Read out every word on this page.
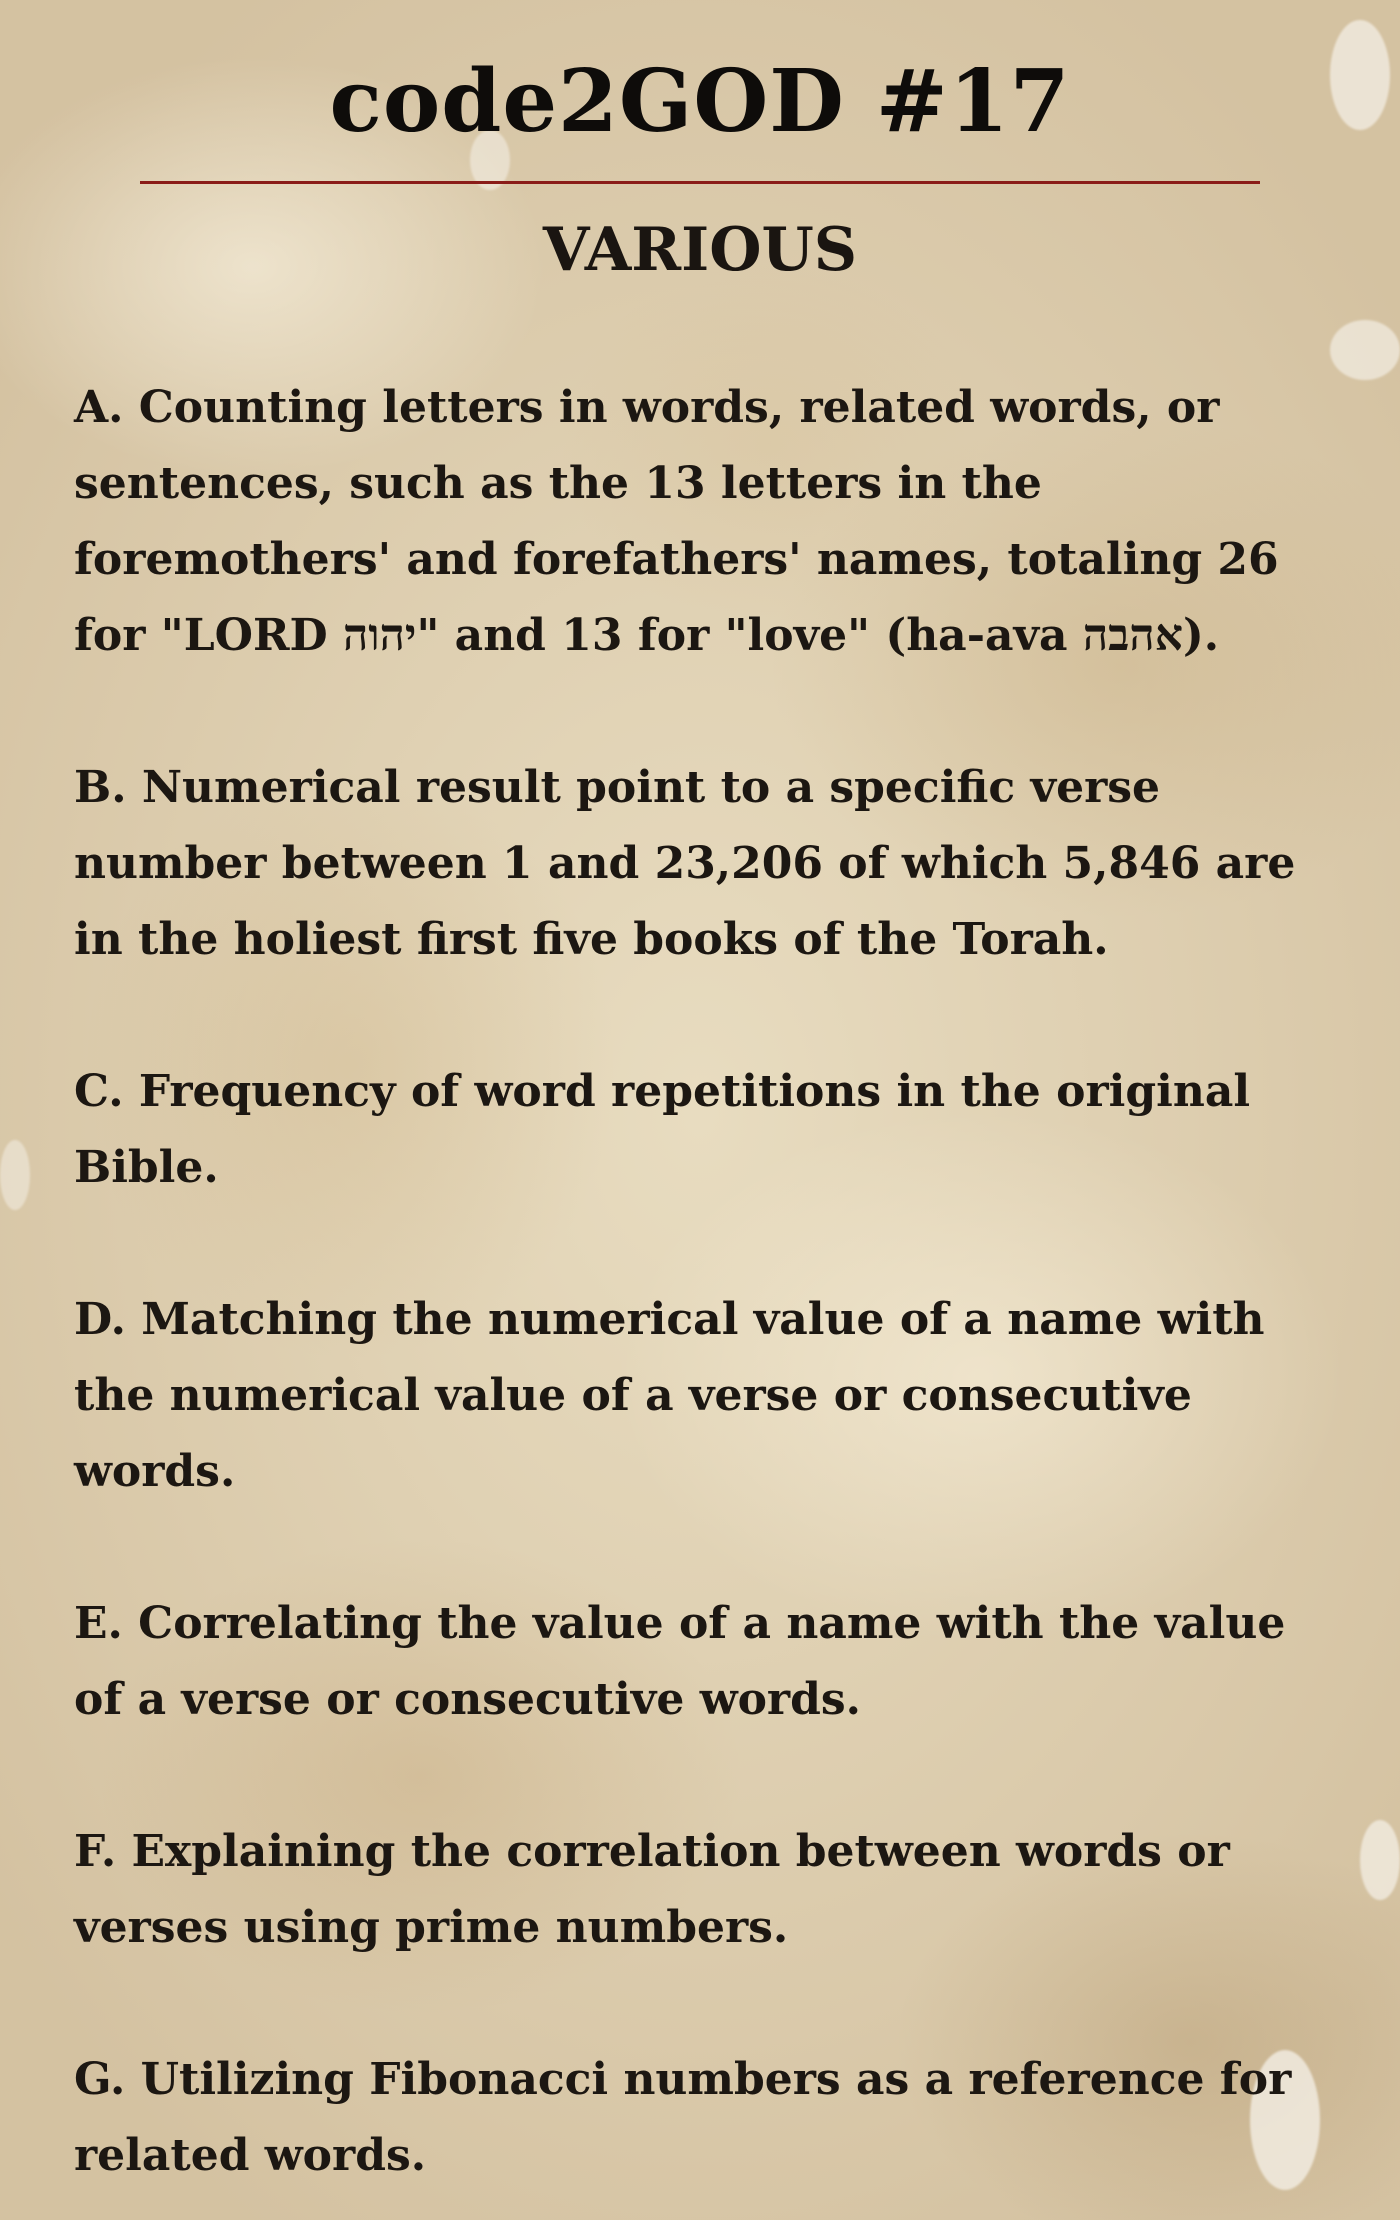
code2GOD #17
VARIOUS

A. Counting letters in words, related words, or sentences, such as the 13 letters in the foremothers' and forefathers' names, totaling 26 for "LORD יהוה" and 13 for "love" (ha-ava אהבה).

B. Numerical result point to a specific verse number between 1 and 23,206 of which 5,846 are in the holiest first five books of the Torah.

C. Frequency of word repetitions in the original Bible.

D. Matching the numerical value of a name with the numerical value of a verse or consecutive words.

E. Correlating the value of a name with the value of a verse or consecutive words.

F. Explaining the correlation between words or verses using prime numbers.

G. Utilizing Fibonacci numbers as a reference for related words.
